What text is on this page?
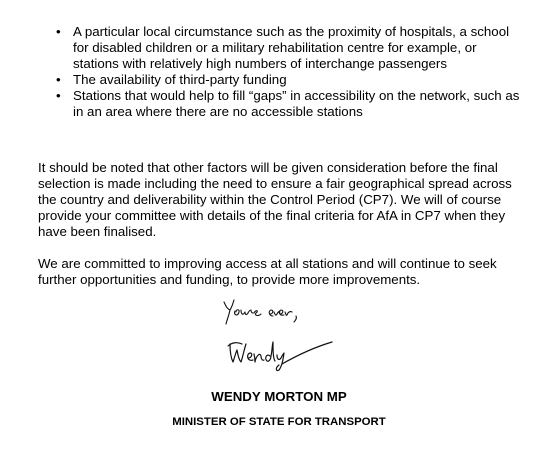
• A particular local circumstance such as the proximity of hospitals, a school for disabled children or a military rehabilitation centre for example, or stations with relatively high numbers of interchange passengers
• The availability of third-party funding
• Stations that would help to fill “gaps” in accessibility on the network, such as in an area where there are no accessible stations

It should be noted that other factors will be given consideration before the final selection is made including the need to ensure a fair geographical spread across the country and deliverability within the Control Period (CP7). We will of course provide your committee with details of the final criteria for AfA in CP7 when they have been finalised.

We are committed to improving access at all stations and will continue to seek further opportunities and funding, to provide more improvements.

WENDY MORTON MP
MINISTER OF STATE FOR TRANSPORT
